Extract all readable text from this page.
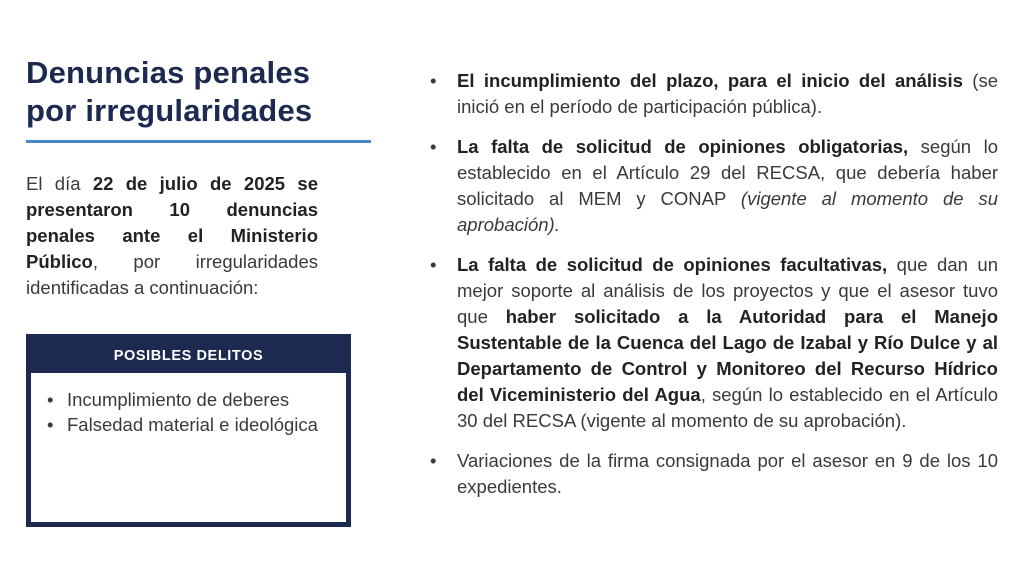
Denuncias penales
por irregularidades

El día 22 de julio de 2025 se presentaron 10 denuncias penales ante el Ministerio Público, por irregularidades identificadas a continuación:

POSIBLES DELITOS
• Incumplimiento de deberes
• Falsedad material e ideológica
• El incumplimiento del plazo, para el inicio del análisis (se inició en el período de participación pública).
• La falta de solicitud de opiniones obligatorias, según lo establecido en el Artículo 29 del RECSA, que debería haber solicitado al MEM y CONAP (vigente al momento de su aprobación).
• La falta de solicitud de opiniones facultativas, que dan un mejor soporte al análisis de los proyectos y que el asesor tuvo que haber solicitado a la Autoridad para el Manejo Sustentable de la Cuenca del Lago de Izabal y Río Dulce y al Departamento de Control y Monitoreo del Recurso Hídrico del Viceministerio del Agua, según lo establecido en el Artículo 30 del RECSA (vigente al momento de su aprobación).
• Variaciones de la firma consignada por el asesor en 9 de los 10 expedientes.
